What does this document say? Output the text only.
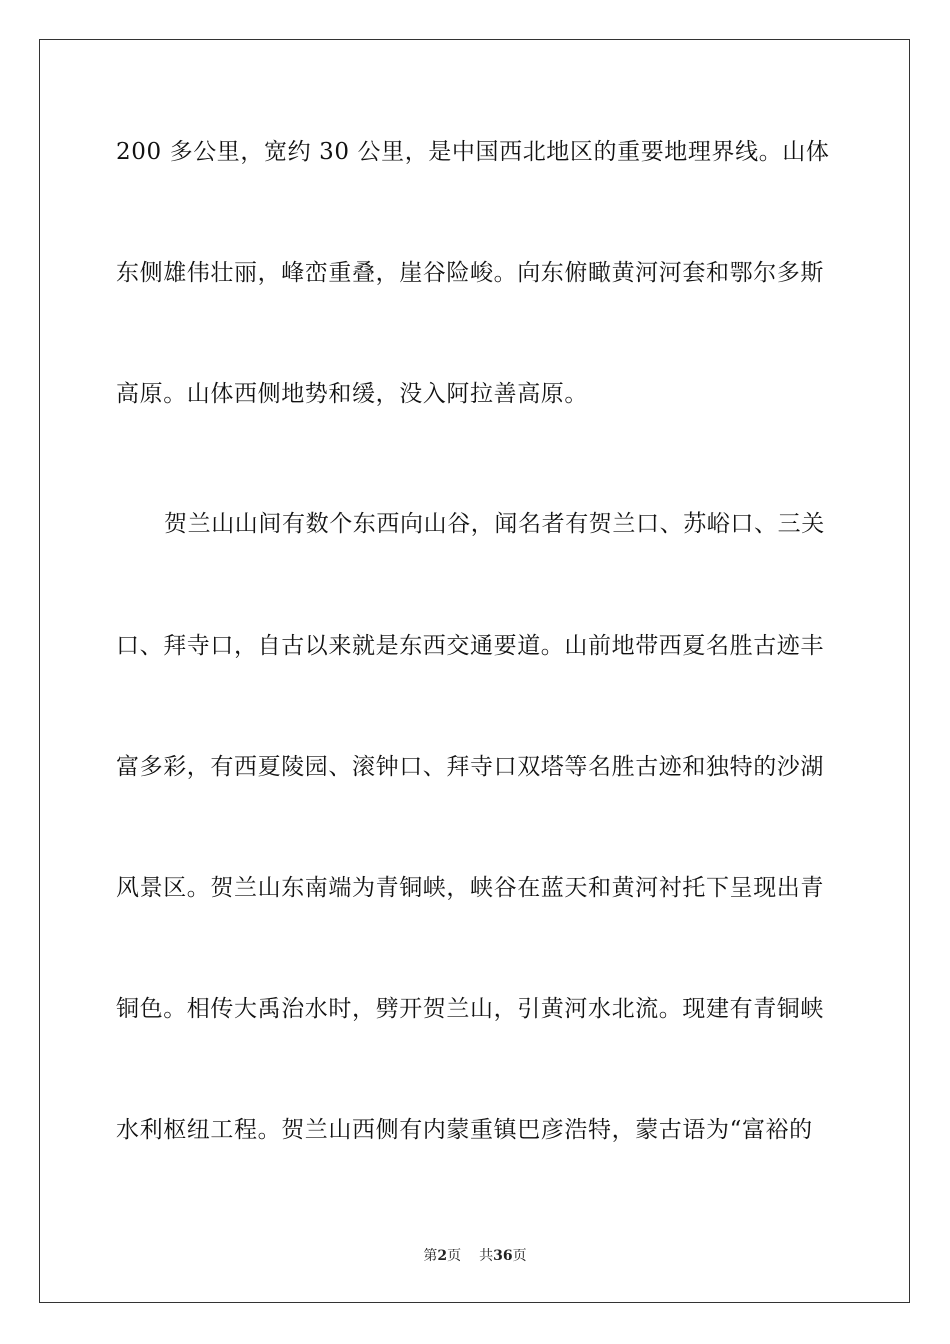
200 多公里，宽约 30 公里，是中国西北地区的重要地理界线。山体
东侧雄伟壮丽，峰峦重叠，崖谷险峻。向东俯瞰黄河河套和鄂尔多斯
高原。山体西侧地势和缓，没入阿拉善高原。
贺兰山山间有数个东西向山谷，闻名者有贺兰口、苏峪口、三关
口、拜寺口，自古以来就是东西交通要道。山前地带西夏名胜古迹丰
富多彩，有西夏陵园、滚钟口、拜寺口双塔等名胜古迹和独特的沙湖
风景区。贺兰山东南端为青铜峡，峡谷在蓝天和黄河衬托下呈现出青
铜色。相传大禹治水时，劈开贺兰山，引黄河水北流。现建有青铜峡
水利枢纽工程。贺兰山西侧有内蒙重镇巴彦浩特，蒙古语为“富裕的
第2页 共36页
